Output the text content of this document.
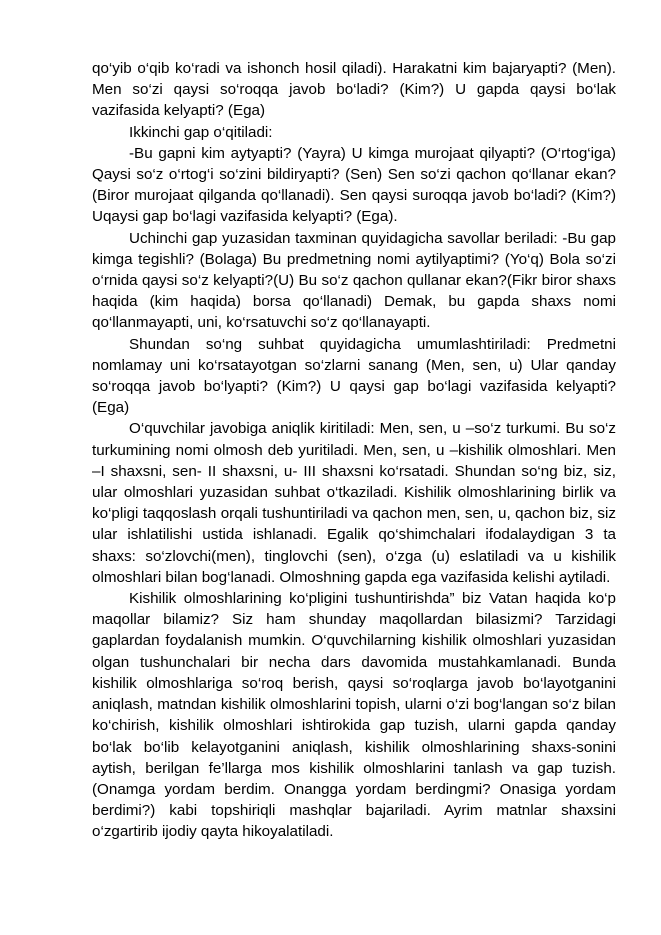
qo‘yib o‘qib ko‘radi va ishonch hosil qiladi). Harakatni kim bajaryapti? (Men). Men so‘zi qaysi so‘roqqa javob bo‘ladi? (Kim?) U gapda qaysi bo‘lak vazifasida kelyapti? (Ega)

Ikkinchi gap o‘qitiladi:

-Bu gapni kim aytyapti? (Yayra) U kimga murojaat qilyapti? (O‘rtog‘iga) Qaysi so‘z o‘rtog‘i so‘zini bildiryapti? (Sen) Sen so‘zi qachon qo‘llanar ekan? (Biror murojaat qilganda qo‘llanadi). Sen qaysi suroqqa javob bo‘ladi? (Kim?) Uqaysi gap bo‘lagi vazifasida kelyapti? (Ega).

Uchinchi gap yuzasidan taxminan quyidagicha savollar beriladi: -Bu gap kimga tegishli? (Bolaga) Bu predmetning nomi aytilyaptimi? (Yo‘q) Bola so‘zi o‘rnida qaysi so‘z kelyapti?(U) Bu so‘z qachon qullanar ekan?(Fikr biror shaxs haqida (kim haqida) borsa qo‘llanadi) Demak, bu gapda shaxs nomi qo‘llanmayapti, uni, ko‘rsatuvchi so‘z qo‘llanayapti.

Shundan so‘ng suhbat quyidagicha umumlashtiriladi: Predmetni nomlamay uni ko‘rsatayotgan so‘zlarni sanang (Men, sen, u) Ular qanday so‘roqqa javob bo‘lyapti? (Kim?) U qaysi gap bo‘lagi vazifasida kelyapti? (Ega)

O‘quvchilar javobiga aniqlik kiritiladi: Men, sen, u –so‘z turkumi. Bu so‘z turkumining nomi olmosh deb yuritiladi. Men, sen, u –kishilik olmoshlari. Men –I shaxsni, sen- II shaxsni, u- III shaxsni ko‘rsatadi. Shundan so‘ng biz, siz, ular olmoshlari yuzasidan suhbat o‘tkaziladi. Kishilik olmoshlarining birlik va ko‘pligi taqqoslash orqali tushuntiriladi va qachon men, sen, u, qachon biz, siz ular ishlatilishi ustida ishlanadi. Egalik qo‘shimchalari ifodalaydigan 3 ta shaxs: so‘zlovchi(men), tinglovchi (sen), o‘zga (u) eslatiladi va u kishilik olmoshlari bilan bog‘lanadi. Olmoshning gapda ega vazifasida kelishi aytiladi.

Kishilik olmoshlarining ko‘pligini tushuntirishda” biz Vatan haqida ko‘p maqollar bilamiz? Siz ham shunday maqollardan bilasizmi? Tarzidagi gaplardan foydalanish mumkin. O‘quvchilarning kishilik olmoshlari yuzasidan olgan tushunchalari bir necha dars davomida mustahkamlanadi. Bunda kishilik olmoshlariga so‘roq berish, qaysi so‘roqlarga javob bo‘layotganini aniqlash, matndan kishilik olmoshlarini topish, ularni o‘zi bog‘langan so‘z bilan ko‘chirish, kishilik olmoshlari ishtirokida gap tuzish, ularni gapda qanday bo‘lak bo‘lib kelayotganini aniqlash, kishilik olmoshlarining shaxs-sonini aytish, berilgan fe’llarga mos kishilik olmoshlarini tanlash va gap tuzish. (Onamga yordam berdim. Onangga yordam berdingmi? Onasiga yordam berdimi?) kabi topshiriqli mashqlar bajariladi. Ayrim matnlar shaxsini o‘zgartirib ijodiy qayta hikoyalatiladi.
